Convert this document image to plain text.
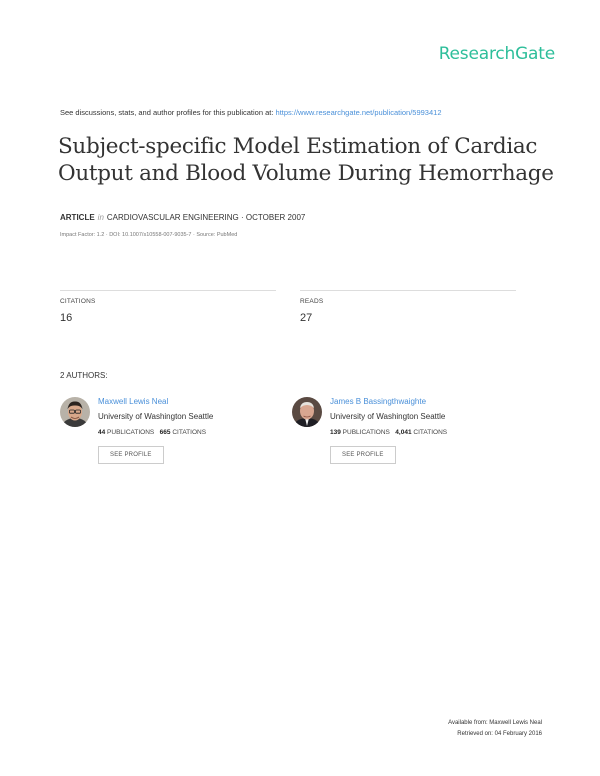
ResearchGate
See discussions, stats, and author profiles for this publication at: https://www.researchgate.net/publication/5993412
Subject-specific Model Estimation of Cardiac
Output and Blood Volume During Hemorrhage
ARTICLE in CARDIOVASCULAR ENGINEERING · OCTOBER 2007
Impact Factor: 1.2 · DOI: 10.1007/s10558-007-9035-7 · Source: PubMed
CITATIONS
16
READS
27
2 AUTHORS:
Maxwell Lewis Neal
University of Washington Seattle
44 PUBLICATIONS 665 CITATIONS
SEE PROFILE
James B Bassingthwaighte
University of Washington Seattle
139 PUBLICATIONS 4,041 CITATIONS
SEE PROFILE
Available from: Maxwell Lewis Neal
Retrieved on: 04 February 2016
